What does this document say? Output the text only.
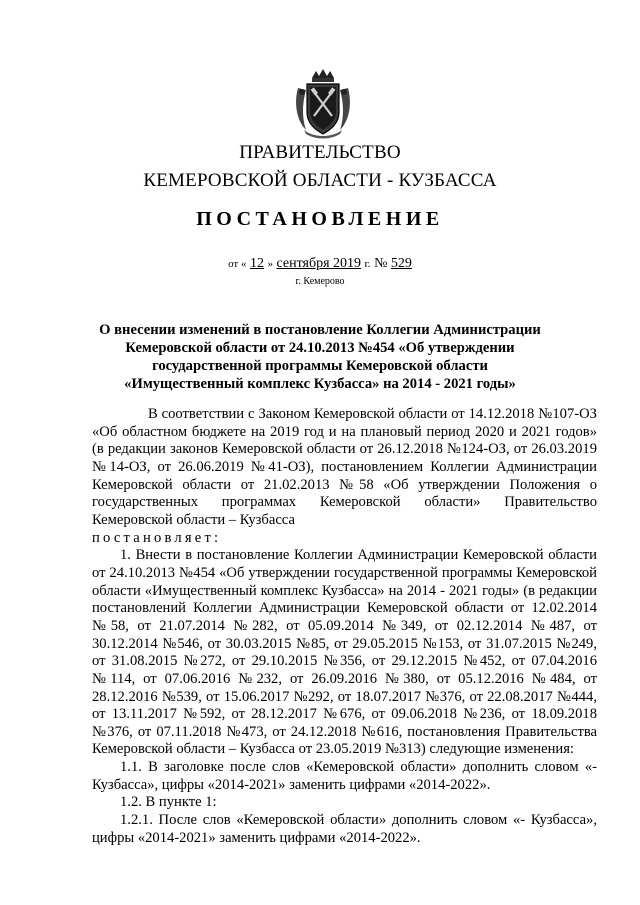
ПРАВИТЕЛЬСТВО
КЕМЕРОВСКОЙ ОБЛАСТИ - КУЗБАССА
ПОСТАНОВЛЕНИЕ
от « 12 » сентября 2019 г. № 529
г. Кемерово
О внесении изменений в постановление Коллегии Администрации Кемеровской области от 24.10.2013 №454 «Об утверждении государственной программы Кемеровской области «Имущественный комплекс Кузбасса» на 2014 - 2021 годы»

В соответствии с Законом Кемеровской области от 14.12.2018 №107-ОЗ «Об областном бюджете на 2019 год и на плановый период 2020 и 2021 годов» (в редакции законов Кемеровской области от 26.12.2018 №124-ОЗ, от 26.03.2019 №14-ОЗ, от 26.06.2019 №41-ОЗ), постановлением Коллегии Администрации Кемеровской области от 21.02.2013 №58 «Об утверждении Положения о государственных программах Кемеровской области» Правительство Кемеровской области – Кузбасса

постановляет:

1. Внести в постановление Коллегии Администрации Кемеровской области от 24.10.2013 №454 «Об утверждении государственной программы Кемеровской области «Имущественный комплекс Кузбасса» на 2014 - 2021 годы» (в редакции постановлений Коллегии Администрации Кемеровской области от 12.02.2014 №58, от 21.07.2014 №282, от 05.09.2014 №349, от 02.12.2014 №487, от 30.12.2014 №546, от 30.03.2015 №85, от 29.05.2015 №153, от 31.07.2015 №249, от 31.08.2015 №272, от 29.10.2015 №356, от 29.12.2015 №452, от 07.04.2016 №114, от 07.06.2016 №232, от 26.09.2016 №380, от 05.12.2016 №484, от 28.12.2016 №539, от 15.06.2017 №292, от 18.07.2017 №376, от 22.08.2017 №444, от 13.11.2017 №592, от 28.12.2017 №676, от 09.06.2018 №236, от 18.09.2018 №376, от 07.11.2018 №473, от 24.12.2018 №616, постановления Правительства Кемеровской области – Кузбасса от 23.05.2019 №313) следующие изменения:

1.1. В заголовке после слов «Кемеровской области» дополнить словом «- Кузбасса», цифры «2014-2021» заменить цифрами «2014-2022».

1.2. В пункте 1:

1.2.1. После слов «Кемеровской области» дополнить словом «- Кузбасса», цифры «2014-2021» заменить цифрами «2014-2022».
